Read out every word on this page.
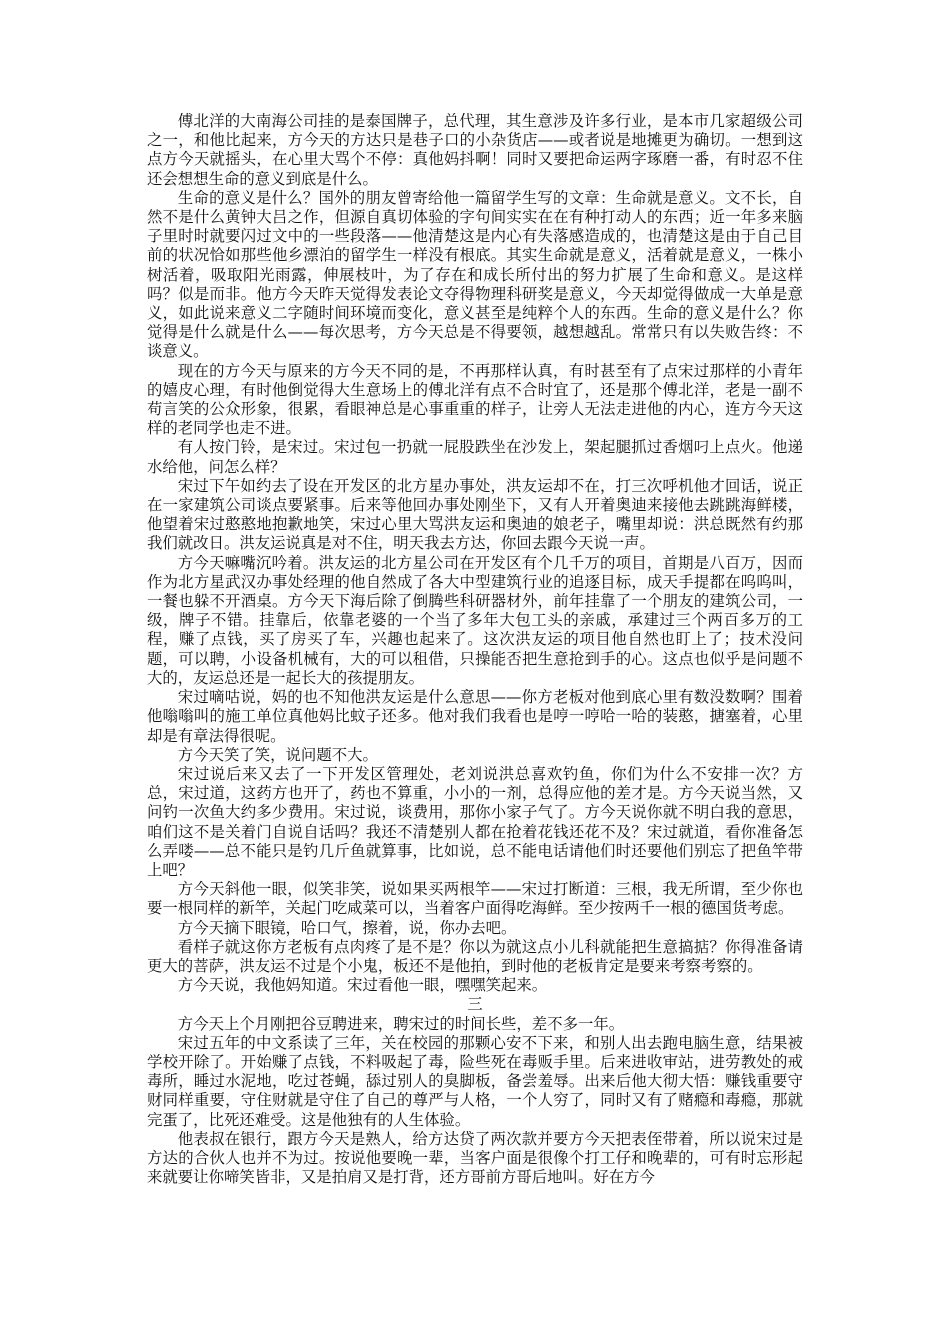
傅北洋的大南海公司挂的是泰国牌子，总代理，其生意涉及许多行业，是本市几家超级公司之一，和他比起来，方今天的方达只是巷子口的小杂货店——或者说是地摊更为确切。一想到这点方今天就摇头，在心里大骂个不停：真他妈抖啊！同时又要把命运两字琢磨一番，有时忍不住还会想想生命的意义到底是什么。

生命的意义是什么？国外的朋友曾寄给他一篇留学生写的文章：生命就是意义。文不长，自然不是什么黄钟大吕之作，但源自真切体验的字句间实实在在有种打动人的东西；近一年多来脑子里时时就要闪过文中的一些段落——他清楚这是内心有失落感造成的，也清楚这是由于自己目前的状况恰如那些他乡漂泊的留学生一样没有根底。其实生命就是意义，活着就是意义，一株小树活着，吸取阳光雨露，伸展枝叶，为了存在和成长所付出的努力扩展了生命和意义。是这样吗？似是而非。他方今天昨天觉得发表论文夺得物理科研奖是意义，今天却觉得做成一大单是意义，如此说来意义二字随时间环境而变化，意义甚至是纯粹个人的东西。生命的意义是什么？你觉得是什么就是什么——每次思考，方今天总是不得要领，越想越乱。常常只有以失败告终：不谈意义。

现在的方今天与原来的方今天不同的是，不再那样认真，有时甚至有了点宋过那样的小青年的嬉皮心理，有时他倒觉得大生意场上的傅北洋有点不合时宜了，还是那个傅北洋，老是一副不苟言笑的公众形象，很累，看眼神总是心事重重的样子，让旁人无法走进他的内心，连方今天这样的老同学也走不进。

有人按门铃，是宋过。宋过包一扔就一屁股跌坐在沙发上，架起腿抓过香烟叼上点火。他递水给他，问怎么样？

宋过下午如约去了设在开发区的北方星办事处，洪友运却不在，打三次呼机他才回话，说正在一家建筑公司谈点要紧事。后来等他回办事处刚坐下，又有人开着奥迪来接他去跳跳海鲜楼，他望着宋过憨憨地抱歉地笑，宋过心里大骂洪友运和奥迪的娘老子，嘴里却说：洪总既然有约那我们就改日。洪友运说真是对不住，明天我去方达，你回去跟今天说一声。

方今天嘛嘴沉吟着。洪友运的北方星公司在开发区有个几千万的项目，首期是八百万，因而作为北方星武汉办事处经理的他自然成了各大中型建筑行业的追逐目标，成天手提都在呜呜叫，一餐也躲不开酒桌。方今天下海后除了倒腾些科研器材外，前年挂靠了一个朋友的建筑公司，一级，牌子不错。挂靠后，依靠老婆的一个当了多年大包工头的亲戚，承建过三个两百多万的工程，赚了点钱，买了房买了车，兴趣也起来了。这次洪友运的项目他自然也盯上了；技术没问题，可以聘，小设备机械有，大的可以租借，只操能否把生意抢到手的心。这点也似乎是问题不大的，友运总还是一起长大的孩提朋友。

宋过嘀咕说，妈的也不知他洪友运是什么意思——你方老板对他到底心里有数没数啊？围着他嗡嗡叫的施工单位真他妈比蚊子还多。他对我们我看也是哼一哼哈一哈的装憨，搪塞着，心里却是有章法得很呢。

方今天笑了笑，说问题不大。

宋过说后来又去了一下开发区管理处，老刘说洪总喜欢钓鱼，你们为什么不安排一次？方总，宋过道，这药方也开了，药也不算重，小小的一剂，总得应他的差才是。方今天说当然，又问钓一次鱼大约多少费用。宋过说，谈费用，那你小家子气了。方今天说你就不明白我的意思，咱们这不是关着门自说自话吗？我还不清楚别人都在抢着花钱还花不及？宋过就道，看你准备怎么弄喽——总不能只是钓几斤鱼就算事，比如说，总不能电话请他们时还要他们别忘了把鱼竿带上吧？

方今天斜他一眼，似笑非笑，说如果买两根竿——宋过打断道：三根，我无所谓，至少你也要一根同样的新竿，关起门吃咸菜可以，当着客户面得吃海鲜。至少按两千一根的德国货考虑。

方今天摘下眼镜，哈口气，擦着，说，你办去吧。

看样子就这你方老板有点肉疼了是不是？你以为就这点小儿科就能把生意搞掂？你得准备请更大的菩萨，洪友运不过是个小鬼，板还不是他拍，到时他的老板肯定是要来考察考察的。

方今天说，我他妈知道。宋过看他一眼，嘿嘿笑起来。

三

方今天上个月刚把谷豆聘进来，聘宋过的时间长些，差不多一年。

宋过五年的中文系读了三年，关在校园的那颗心安不下来，和别人出去跑电脑生意，结果被学校开除了。开始赚了点钱，不料吸起了毒，险些死在毒贩手里。后来进收审站，进劳教处的戒毒所，睡过水泥地，吃过苍蝇，舔过别人的臭脚板，备尝羞辱。出来后他大彻大悟：赚钱重要守财同样重要，守住财就是守住了自己的尊严与人格，一个人穷了，同时又有了赌瘾和毒瘾，那就完蛋了，比死还难受。这是他独有的人生体验。

他表叔在银行，跟方今天是熟人，给方达贷了两次款并要方今天把表侄带着，所以说宋过是方达的合伙人也并不为过。按说他要晚一辈，当客户面是很像个打工仔和晚辈的，可有时忘形起来就要让你啼笑皆非，又是拍肩又是打背，还方哥前方哥后地叫。好在方今
